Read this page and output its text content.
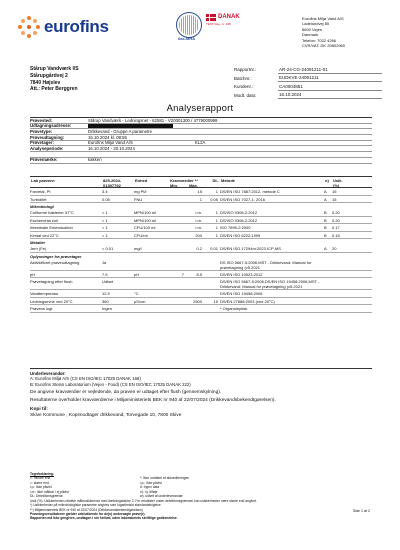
eurofins
ilac-MRA
DANAK
TEST Reg. nr. 168
Eurofins Miljø Vand A/S
Ladelundvej 85
6600 Vejen
Danmark
Telefon: 7022 4266
CVR/VAT: DK 29802960
Stårup Vandværk I/S
Stårupgårdvej 2
7840 Højslev
Att.: Peter Berggren
Rapportnr.:	AR-24-CG-24091211-01
Batchnr.:	EUDKVE-24091211
Kundenr.:	CA0004851
Modt. dato:	16.10.2024
Analyserapport
Prøvested:	Stårup Vandværk - Ledningsnet - 62581 - V20001300 / 4779000999
Udtagningsadresse:
Prøvetype:	Drikkevand - Gruppe A parametre
Prøveudtagning:	16.10.2024 kl. 08:55
Prøvetager:	Eurofins Miljø Vand A/S	KL2A
Analyseperiode:	16.10.2024 - 20.10.2024
Prøvemærke:	kakken
Lab prøvenr:	825-2024-01397792
Enhed	Kravværdier **
Min.	Max.
DL. Metode	n)	Usik. (%)
Farvetal, Pt	3.4	mg Pt/l	15	1 DS/EN ISO 7887:2012, metode C	A	15
Turbiditet	0.08	FNU	1	0.05 DS/EN ISO 7027-1: 2016	A	15
Mikrobiologi
Coliforme bakterier 37°C	< 1	MPN/100 ml	i.m.	1 DS/ISO 9308-2:2012	B	0.20
Escherichia coli	< 1	MPN/100 ml	i.m.	1 DS/ISO 9308-2:2012	B	0.20
Intestinale Enterokokker	< 1	CFU/100 ml	i.m.	1 ISO 7899-2:2000	B	0.17
Kimtal ved 22°C	< 1	CFU/ml	200	1 DS/EN ISO 6222:1999	B	0.15
Metaller
Jern (Fe)	< 0.01	mg/l	0.2	0.01 DS/EN ISO 17294m:2023 ICP-MS	A	20
Oplysninger fra prøvetager
Aktivkilforet prøveudtagning	Ja	DS ISO 5667-5:2006,MST - Drikkevand: Manual for prøvetagning (v5.2021
pH	7.5	pH	7	8.5	DS/EN ISO 10523:2012
Prøvetagning efter flush	Udført	DS/EN ISO 5667-5:2006,DS/EN ISO 19458:2006,MST - Drikkevand: Manual for prøvetagning (v5.2021
Vandtemperatur	12.9	°C	DS/EN ISO 19458:2006
Ledningsevne ved 20°C	360	µS/cm	2500	15 DS/EN 27888:2003 (ved 20°C)
Prøvens lugt	Ingen	* Organoleptisk

Underleverandør:
A: Eurofins Miljø A/S (CS EN ISO/IEC 17025 DANAK 168)
B: Eurofins Steins Laboratorium (Vejen - Food) (CS EN ISO/IEC 17025 DANAK 222)

De angivne kravværdier er vejledende, da prøven er udtaget efter flush (gennemskylning).

Resultaterne overholder kravværdierne i Miljøministeriets BEK nr 940 af 22/07/2024 (Drikkevandsbekendtgørelsen).

Kopi til:
Skive Kommune , Kopimodtager drikkevand, Torvegade 10, 7800 Skive

Tegnforklaring:
<: mindre end
>: større end
i.p.: ikke påvist
i.m.: ikke målbar / ej påvist
DL: Detektionsgrænse
*: Ikke omfattet af akkrediteringen
i.p.: Ikke påvist
#: Ingen data
n): n), tilføje
w): udført af underleverandør
Usik (%): Usikkerheden relative måleusikkerhed med dækningsfaktor 2. For resultater under detektionsgrænsen kan usikkerheden være større end angivet.
*) Usikkerheder på mikrobiologiske parametre angives som logaritmiskt standardafvigelse
**) Miljøministeriets BEK nr 940 af 22/07/2024 (Drikkevandsbekendtgørelsen)
Prøvningsresultaterne gælder udelukkende for de(n) undersøgte prøve(r).
Rapporten må ikke gengives, undtagen i sin helhed, uden laboratoriets skriftlige godkendelse.
Side 1 af 2
